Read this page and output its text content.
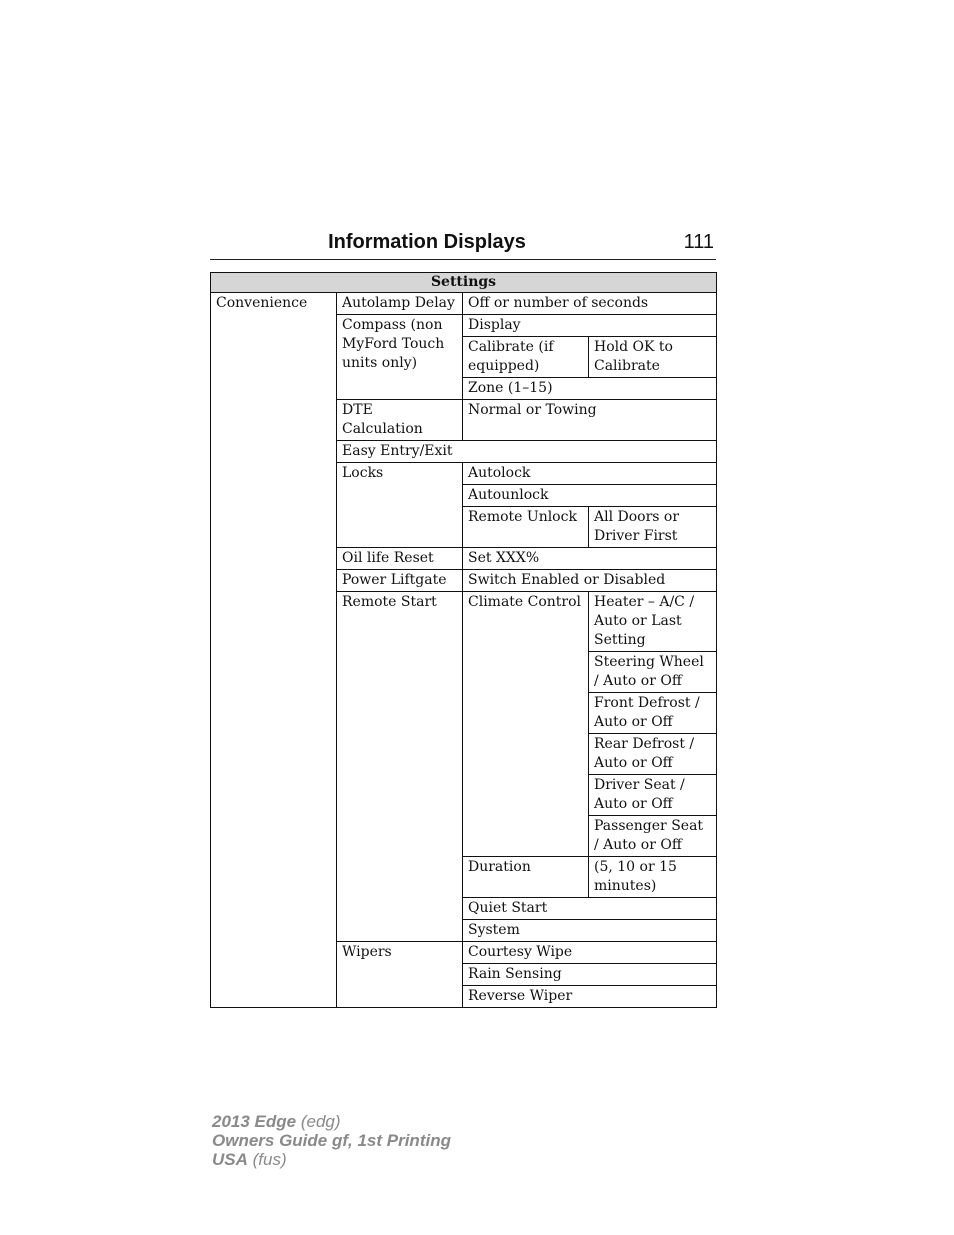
Information Displays	111
Settings			
Convenience	Autolamp Delay	Off or number of seconds	
	Compass (non MyFord Touch units only)	Display	
		Calibrate (if equipped)	Hold OK to Calibrate
		Zone (1–15)	
	DTE Calculation	Normal or Towing	
	Easy Entry/Exit		
	Locks	Autolock	
		Autounlock	
		Remote Unlock	All Doors or Driver First
	Oil life Reset	Set XXX%	
	Power Liftgate	Switch Enabled or Disabled	
	Remote Start	Climate Control	Heater – A/C / Auto or Last Setting
			Steering Wheel / Auto or Off
			Front Defrost / Auto or Off
			Rear Defrost / Auto or Off
			Driver Seat / Auto or Off
			Passenger Seat / Auto or Off
		Duration	(5, 10 or 15 minutes)
		Quiet Start	
		System	
	Wipers	Courtesy Wipe	
		Rain Sensing	
		Reverse Wiper	
2013 Edge (edg)
Owners Guide gf, 1st Printing
USA (fus)
